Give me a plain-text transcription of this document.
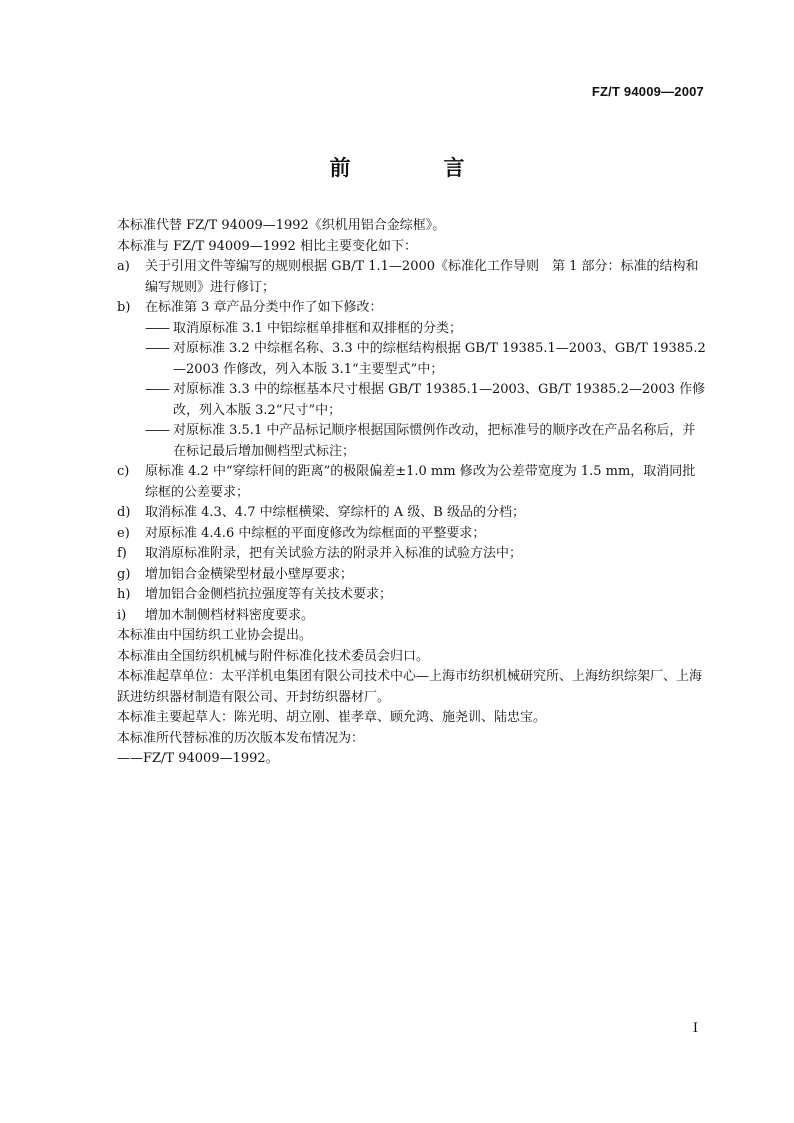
FZ/T 94009—2007
前　言
本标准代替 FZ/T 94009—1992《织机用铝合金综框》。
本标准与 FZ/T 94009—1992 相比主要变化如下：
a)	关于引用文件等编写的规则根据 GB/T 1.1—2000《标准化工作导则　第 1 部分：标准的结构和编写规则》进行修订；
b)	在标准第 3 章产品分类中作了如下修改：
—— 取消原标准 3.1 中铝综框单排框和双排框的分类；
—— 对原标准 3.2 中综框名称、3.3 中的综框结构根据 GB/T 19385.1—2003、GB/T 19385.2—2003 作修改，列入本版 3.1“主要型式”中；
—— 对原标准 3.3 中的综框基本尺寸根据 GB/T 19385.1—2003、GB/T 19385.2—2003 作修改，列入本版 3.2“尺寸”中；
—— 对原标准 3.5.1 中产品标记顺序根据国际惯例作改动，把标准号的顺序改在产品名称后，并在标记最后增加侧档型式标注；
c)	原标准 4.2 中“穿综杆间的距离”的极限偏差±1.0 mm 修改为公差带宽度为 1.5 mm，取消同批综框的公差要求；
d)	取消标准 4.3、4.7 中综框横梁、穿综杆的 A 级、B 级品的分档；
e)	对原标准 4.4.6 中综框的平面度修改为综框面的平整要求；
f)	取消原标准附录，把有关试验方法的附录并入标准的试验方法中；
g)	增加铝合金横梁型材最小壁厚要求；
h)	增加铝合金侧档抗拉强度等有关技术要求；
i)	增加木制侧档材料密度要求。
本标准由中国纺织工业协会提出。
本标准由全国纺织机械与附件标准化技术委员会归口。
本标准起草单位：太平洋机电集团有限公司技术中心—上海市纺织机械研究所、上海纺织综架厂、上海跃进纺织器材制造有限公司、开封纺织器材厂。
本标准主要起草人：陈光明、胡立刚、崔孝章、顾允鸿、施尧训、陆忠宝。
本标准所代替标准的历次版本发布情况为：
——FZ/T 94009—1992。
I
